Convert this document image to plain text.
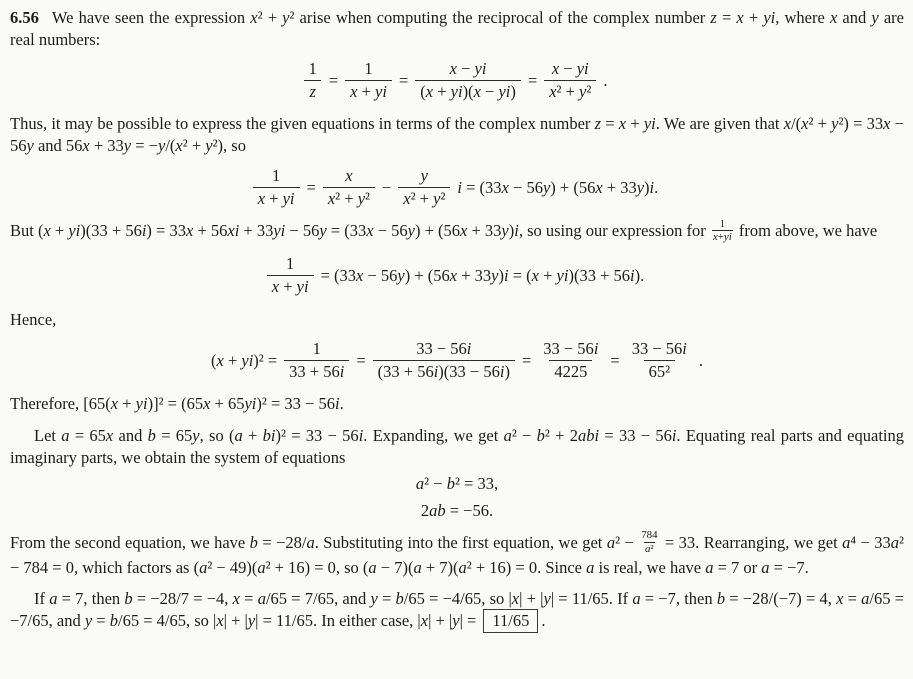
6.56 We have seen the expression x² + y² arise when computing the reciprocal of the complex number z = x + yi, where x and y are real numbers:

$\frac{1}{z} = \frac{1}{x + yi} = \frac{x - yi}{(x + yi)(x - yi)} = \frac{x - yi}{\text{x² + y²}}$ .

Thus, it may be possible to express the given equations in terms of the complex number z = x + yi. We are given that x/(x² + y²) = 33x − 56y and 56x + 33y = −y/(x² + y²), so

$\frac{1}{x + yi} = \frac{x}{\text{x² + y²}} - \frac{y}{\text{x² + y²}}$ i = (33x − 56y) + (56x + 33y)i.

But (x + yi)(33 + 56i) = 33x + 56xi + 33yi − 56y = (33x − 56y) + (56x + 33y)i, so using our expression for $\frac{1}{x+yi}$ from above, we have

$\frac{1}{x + yi} = (33x - 56y) + (56x + 33y)i = (x + yi)(33 + 56i)$.

Hence,

$(x + yi)^2 = \frac{1}{33 + 56i} = \frac{33 - 56i}{(33 + 56i)(33 - 56i)} = \frac{33 - 56i}{4225} = \frac{33 - 56i}{\text{65²}}$ .

Therefore, [65(x + yi)]² = (65x + 65yi)² = 33 − 56i.

Let a = 65x and b = 65y, so (a + bi)² = 33 − 56i. Expanding, we get a² − b² + 2abi = 33 − 56i. Equating real parts and equating imaginary parts, we obtain the system of equations

a² − b² = 33,
2ab = −56.

From the second equation, we have b = −28/a. Substituting into the first equation, we get $a^2 - \frac{784}{\text{a²}} = 33$. Rearranging, we get a⁴ − 33a² − 784 = 0, which factors as (a² − 49)(a² + 16) = 0, so (a − 7)(a + 7)(a² + 16) = 0. Since a is real, we have a = 7 or a = −7.

If a = 7, then b = −28/7 = −4, x = a/65 = 7/65, and y = b/65 = −4/65, so |x| + |y| = 11/65. If a = −7, then b = −28/(−7) = 4, x = a/65 = −7/65, and y = b/65 = 4/65, so |x| + |y| = 11/65. In either case, |x| + |y| = 11/65 .
